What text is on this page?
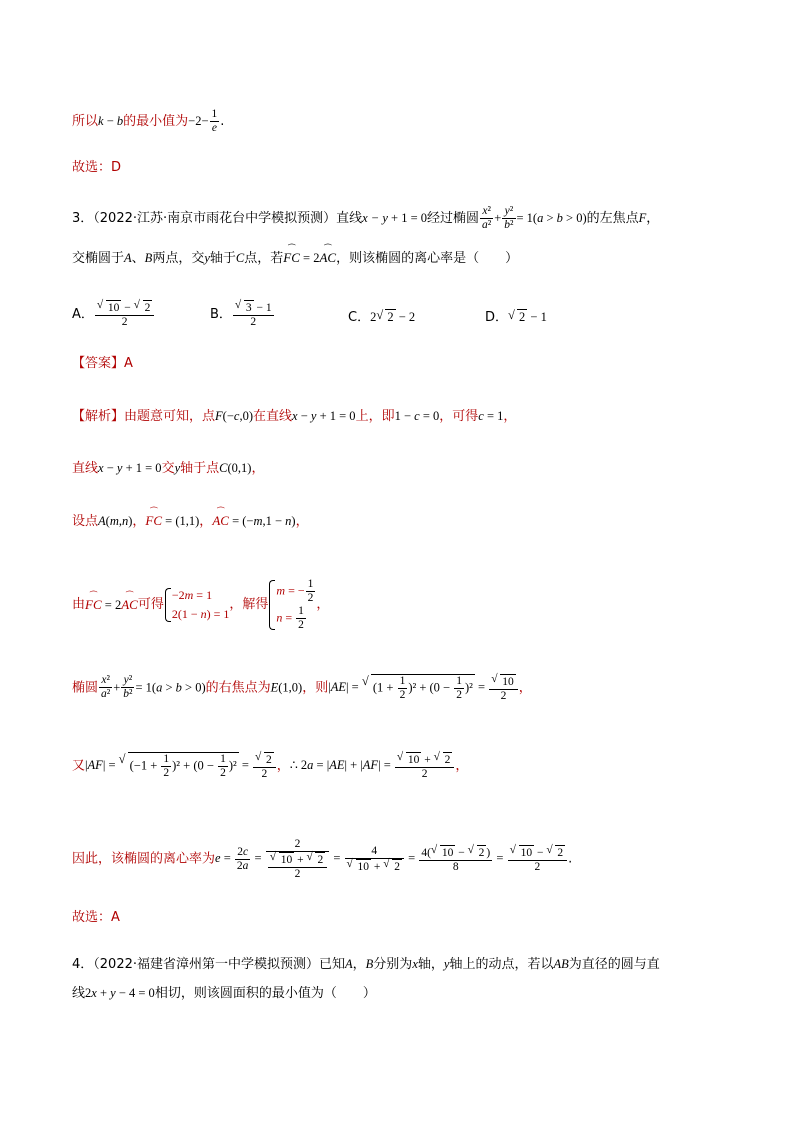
所以k − b的最小值为$-2- \frac{1}{e}$ .
故选：D
3．（2022·江苏·南京市雨花台中学模拟预测）直线x − y + 1 = 0经过椭圆 $\frac{\text{x²}}{\text{a²}} + \frac{\text{y²}}{\text{b²}} = 1(a > b > 0)$的左焦点F，
交椭圆于A、B两点，交y轴于C点，若⏜ FC = 2⏜ AC，则该椭圆的离心率是（　　）
A． √ $\frac{10 - √ 2}{2}$	B． √ $\frac{3 - 1}{2}$	C．2 √ 2 − 2	D． √ 2 − 1
【答案】A
【解析】由题意可知，点F(−c,0)在直线x − y + 1 = 0上，即1 − c = 0，可得c = 1，
直线x − y + 1 = 0交y轴于点C(0,1)，
设点A(m,n)，⏜ FC = (1,1)，⏜ AC = (−m,1 − n)，
由⏜ FC = 2⏜ AC可得
−2m = 1
2(1 − n) = 1
，解得
m = − $\frac{1}{2}$
$n = \frac{1}{2}$
，
椭圆 $\frac{\text{x²}}{\text{a²}} + \frac{\text{y²}}{\text{b²}} = 1(a > b > 0)$的右焦点为E(1,0)，则|AE| = √ $(1 + \frac{1}{2} )^2 + (0 - \frac{1}{2} )^2$ = √ $\frac{10}{2}$ ，
又|AF| = √ $(-1 + \frac{1}{2} )^2 + (0 - \frac{1}{2} )^2$ = √ $\frac{2}{2}$ ，∴ 2a = |AE| + |AF| = √ $\frac{10 + √ 2}{2}$ ，
因此，该椭圆的离心率为$e = \frac{2c}{2a} = 2$
√ $\frac{10 + √ 2}{2} = 4$
√ 10 + √ $2 = \frac{4( √ 10 - √ 2 )}{8}$ = √ $\frac{10 - √ 2}{2}$ .
故选：A
4．（2022·福建省漳州第一中学模拟预测）已知A，B分别为x轴，y轴上的动点，若以AB为直径的圆与直
线2x + y − 4 = 0相切，则该圆面积的最小值为（　　）
